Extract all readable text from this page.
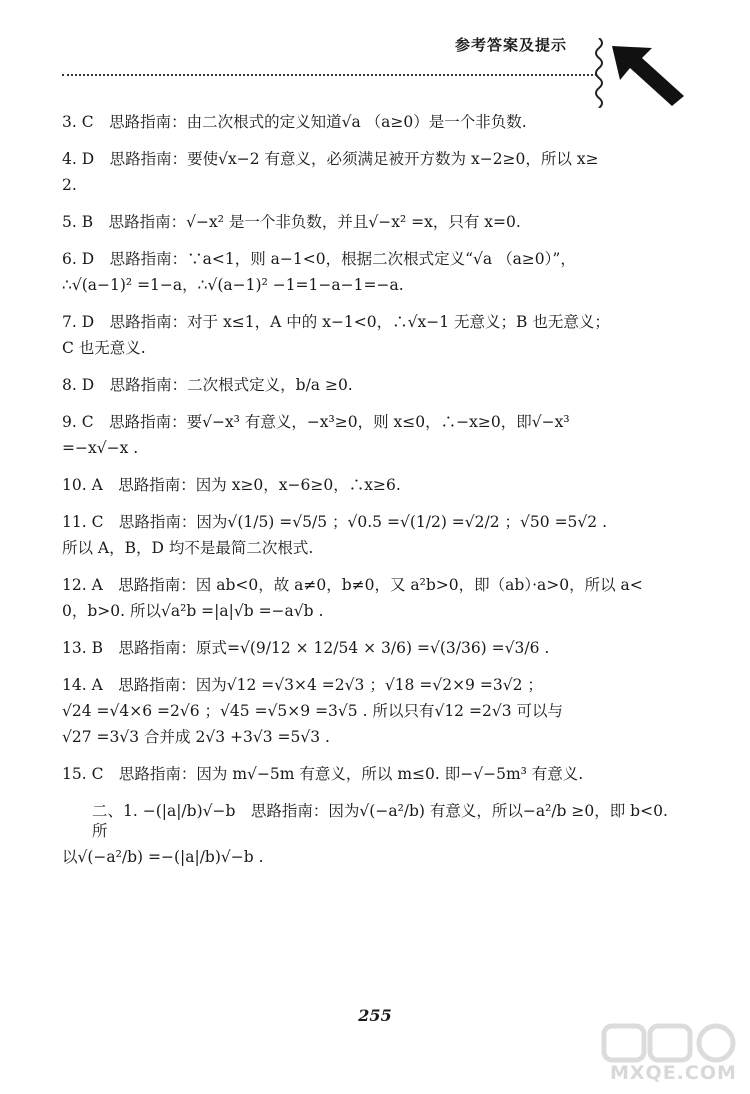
参考答案及提示
3. C　思路指南：由二次根式的定义知道√a （a≥0）是一个非负数.
4. D　思路指南：要使√x−2 有意义，必须满足被开方数为 x−2≥0，所以 x≥
2.
5. B　思路指南：√−x² 是一个非负数，并且√−x² =x，只有 x=0.
6. D　思路指南：∵a<1，则 a−1<0，根据二次根式定义“√a （a≥0）”，
∴√(a−1)² =1−a，∴√(a−1)² −1=1−a−1=−a.
7. D　思路指南：对于 x≤1，A 中的 x−1<0，∴√x−1 无意义；B 也无意义；
C 也无意义.
8. D　思路指南：二次根式定义，b/a ≥0.
9. C　思路指南：要√−x³ 有意义，−x³≥0，则 x≤0，∴−x≥0，即√−x³
=−x√−x .
10. A　思路指南：因为 x≥0，x−6≥0，∴x≥6.
11. C　思路指南：因为√(1/5) =√5/5 ；√0.5 =√(1/2) =√2/2 ；√50 =5√2 .
所以 A，B，D 均不是最简二次根式.
12. A　思路指南：因 ab<0，故 a≠0，b≠0，又 a²b>0，即（ab）·a>0，所以 a<
0，b>0. 所以√a²b =|a|√b =−a√b .
13. B　思路指南：原式=√(9/12 × 12/54 × 3/6) =√(3/36) =√3/6 .
14. A　思路指南：因为√12 =√3×4 =2√3 ；√18 =√2×9 =3√2 ；
√24 =√4×6 =2√6 ；√45 =√5×9 =3√5 . 所以只有√12 =2√3 可以与
√27 =3√3 合并成 2√3 +3√3 =5√3 .
15. C　思路指南：因为 m√−5m 有意义，所以 m≤0. 即−√−5m³ 有意义.
二、1. −(|a|/b)√−b　思路指南：因为√(−a²/b) 有意义，所以−a²/b ≥0，即 b<0. 所
以√(−a²/b) =−(|a|/b)√−b .
255
MXQE.COM
